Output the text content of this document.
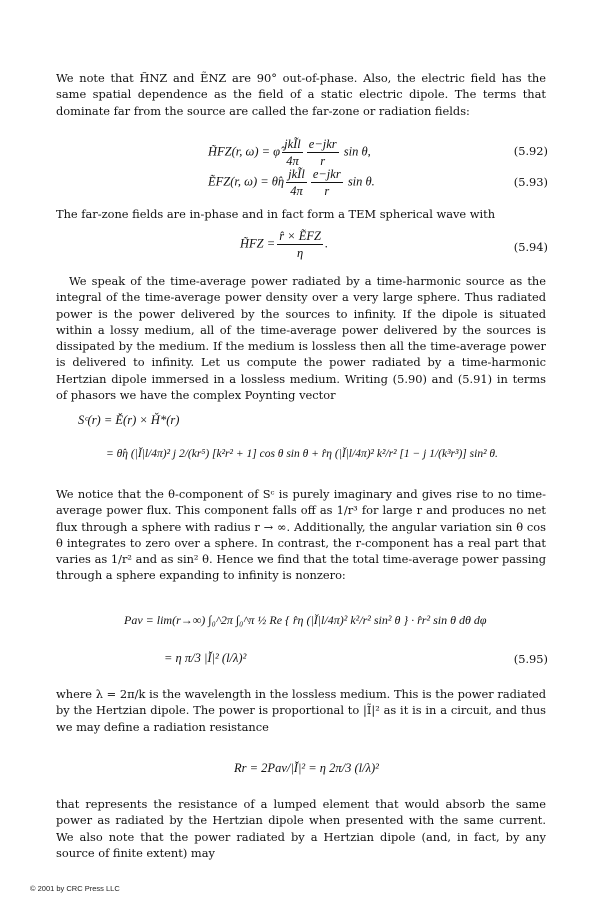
We note that H̃NZ and ẼNZ are 90° out-of-phase. Also, the electric field has the same spatial dependence as the field of a static electric dipole. The terms that dominate far from the source are called the far-zone or radiation fields:
H̃FZ(r, ω) = φ̂ $\frac{\text{jkĨl}}{4\pi} \frac{\text{e−jkr}}{r}$ sin θ,	(5.92)
ẼFZ(r, ω) = θ̂η $\frac{\text{jkĨl}}{4\pi} \frac{\text{e−jkr}}{r}$ sin θ.	(5.93)
The far-zone fields are in-phase and in fact form a TEM spherical wave with
H̃FZ = $\frac{\text{r̂ × ẼFZ}}{\eta}$ .	(5.94)
We speak of the time-average power radiated by a time-harmonic source as the integral of the time-average power density over a very large sphere. Thus radiated power is the power delivered by the sources to infinity. If the dipole is situated within a lossy medium, all of the time-average power delivered by the sources is dissipated by the medium. If the medium is lossless then all the time-average power is delivered to infinity. Let us compute the power radiated by a time-harmonic Hertzian dipole immersed in a lossless medium. Writing (5.90) and (5.91) in terms of phasors we have the complex Poynting vector
Sᶜ(r) = Ě(r) × Ȟ*(r)
= θ̂η (|Ĭ|l/4π)² j 2/(kr⁵) [k²r² + 1] cos θ sin θ + r̂η (|Ĭ|l/4π)² k²/r² [1 − j 1/(k³r³)] sin² θ.
We notice that the θ-component of Sᶜ is purely imaginary and gives rise to no time-average power flux. This component falls off as 1/r³ for large r and produces no net flux through a sphere with radius r → ∞. Additionally, the angular variation sin θ cos θ integrates to zero over a sphere. In contrast, the r-component has a real part that varies as 1/r² and as sin² θ. Hence we find that the total time-average power passing through a sphere expanding to infinity is nonzero:
Pav = lim(r→∞) ∫₀^2π ∫₀^π ½ Re { r̂η (|Ĭ|l/4π)² k²/r² sin² θ } · r̂r² sin θ dθ dφ
= η π/3 |Ĭ|² (l/λ)²	(5.95)
where λ = 2π/k is the wavelength in the lossless medium. This is the power radiated by the Hertzian dipole. The power is proportional to |Ĩ|² as it is in a circuit, and thus we may define a radiation resistance
Rr = 2Pav/|Ĭ|² = η 2π/3 (l/λ)²
that represents the resistance of a lumped element that would absorb the same power as radiated by the Hertzian dipole when presented with the same current. We also note that the power radiated by a Hertzian dipole (and, in fact, by any source of finite extent) may
© 2001 by CRC Press LLC
